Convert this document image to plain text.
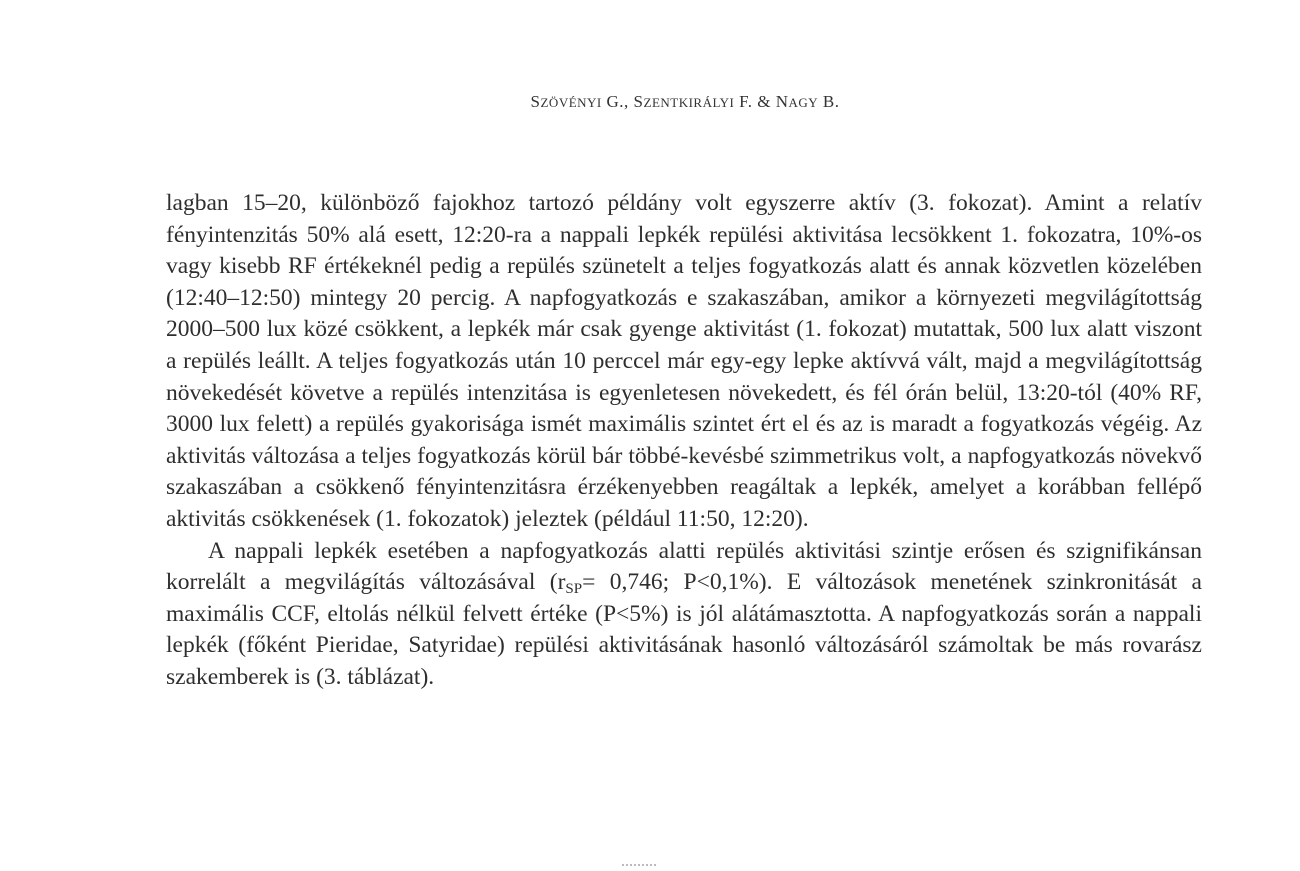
SZÖVÉNYI G., SZENTKIRÁLYI F. & NAGY B.

lagban 15–20, különböző fajokhoz tartozó példány volt egyszerre aktív (3. fokozat). Amint a relatív fényintenzitás 50% alá esett, 12:20-ra a nappali lepkék repülési aktivitása lecsökkent 1. fokozatra, 10%-os vagy kisebb RF értékeknél pedig a repülés szünetelt a teljes fogyatkozás alatt és annak közvetlen közelében (12:40–12:50) mintegy 20 percig. A napfogyatkozás e szakaszában, amikor a környezeti megvilágítottság 2000–500 lux közé csökkent, a lepkék már csak gyenge aktivitást (1. fokozat) mutattak, 500 lux alatt viszont a repülés leállt. A teljes fogyatkozás után 10 perccel már egy-egy lepke aktívvá vált, majd a megvilágítottság növekedését követve a repülés intenzitása is egyenletesen növekedett, és fél órán belül, 13:20-tól (40% RF, 3000 lux felett) a repülés gyakorisága ismét maximális szintet ért el és az is maradt a fogyatkozás végéig. Az aktivitás változása a teljes fogyatkozás körül bár többé-kevésbé szimmetrikus volt, a napfogyatkozás növekvő szakaszában a csökkenő fényintenzitásra érzékenyebben reagáltak a lepkék, amelyet a korábban fellépő aktivitás csökkenések (1. fokozatok) jeleztek (például 11:50, 12:20).

A nappali lepkék esetében a napfogyatkozás alatti repülés aktivitási szintje erősen és szignifikánsan korrelált a megvilágítás változásával ($r_{SP}= 0,746$; P<0,1%). E változások menetének szinkronitását a maximális CCF, eltolás nélkül felvett értéke (P<5%) is jól alátámasztotta. A napfogyatkozás során a nappali lepkék (főként Pieridae, Satyridae) repülési aktivitásának hasonló változásáról számoltak be más rovarász szakemberek is (3. táblázat).
